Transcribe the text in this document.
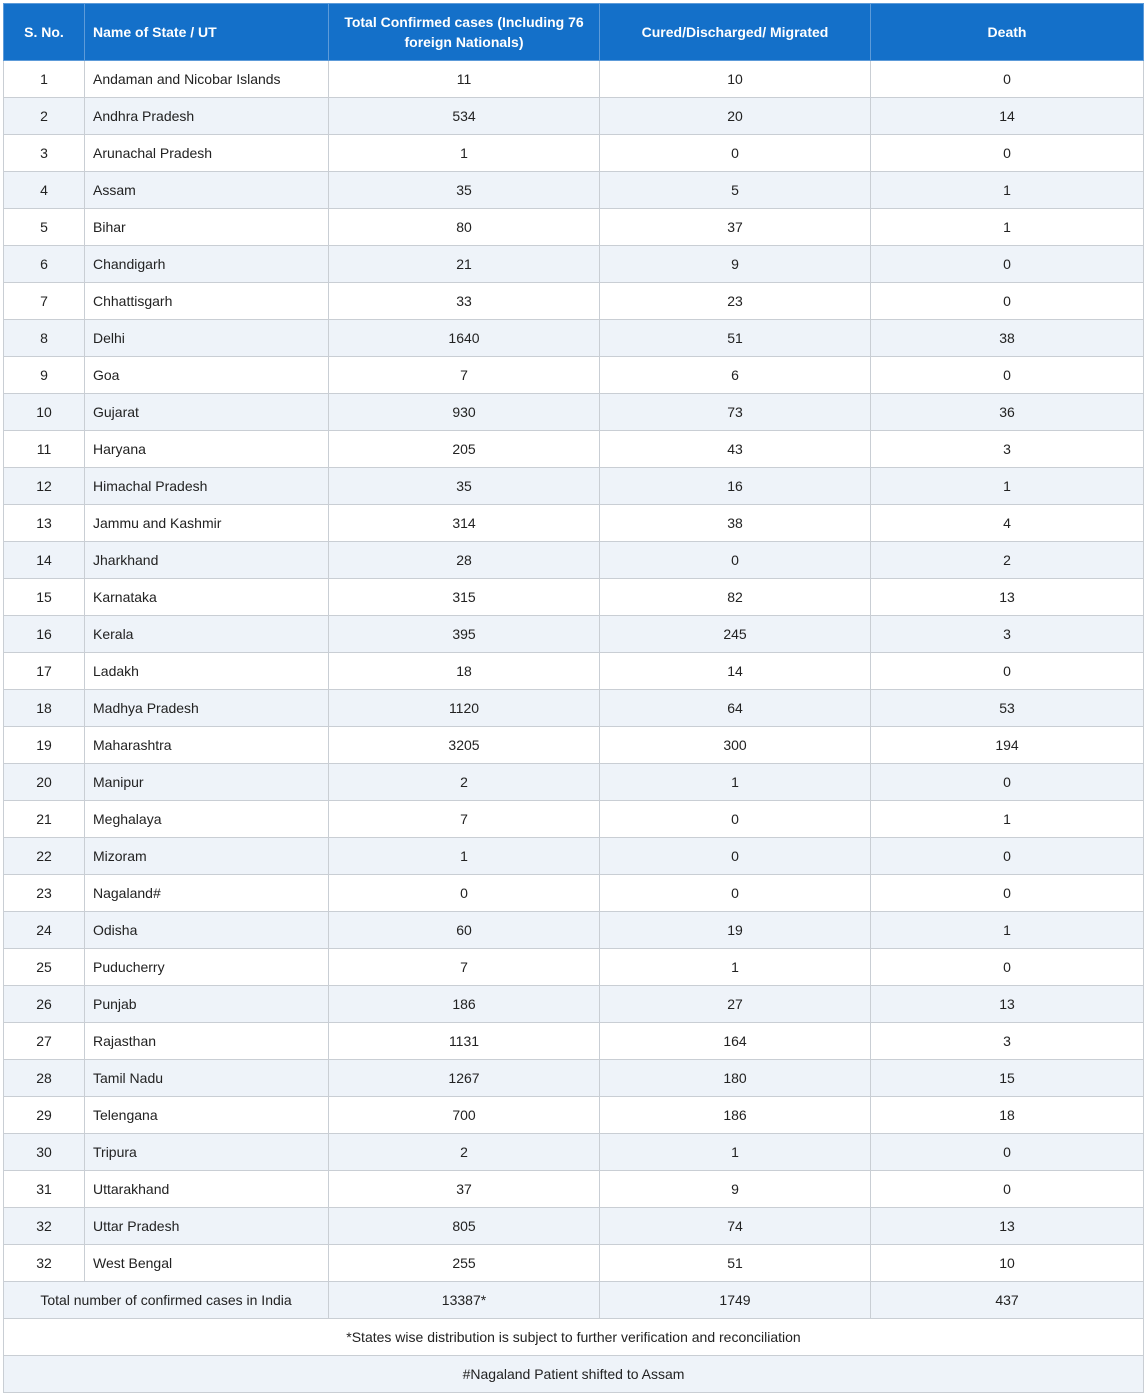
S. No.	Name of State / UT	Total Confirmed cases (Including 76 foreign Nationals)	Cured/Discharged/ Migrated	Death
1	Andaman and Nicobar Islands	11	10	0
2	Andhra Pradesh	534	20	14
3	Arunachal Pradesh	1	0	0
4	Assam	35	5	1
5	Bihar	80	37	1
6	Chandigarh	21	9	0
7	Chhattisgarh	33	23	0
8	Delhi	1640	51	38
9	Goa	7	6	0
10	Gujarat	930	73	36
11	Haryana	205	43	3
12	Himachal Pradesh	35	16	1
13	Jammu and Kashmir	314	38	4
14	Jharkhand	28	0	2
15	Karnataka	315	82	13
16	Kerala	395	245	3
17	Ladakh	18	14	0
18	Madhya Pradesh	1120	64	53
19	Maharashtra	3205	300	194
20	Manipur	2	1	0
21	Meghalaya	7	0	1
22	Mizoram	1	0	0
23	Nagaland#	0	0	0
24	Odisha	60	19	1
25	Puducherry	7	1	0
26	Punjab	186	27	13
27	Rajasthan	1131	164	3
28	Tamil Nadu	1267	180	15
29	Telengana	700	186	18
30	Tripura	2	1	0
31	Uttarakhand	37	9	0
32	Uttar Pradesh	805	74	13
32	West Bengal	255	51	10
Total number of confirmed cases in India		13387*	1749	437
*States wise distribution is subject to further verification and reconciliation				
#Nagaland Patient shifted to Assam				
